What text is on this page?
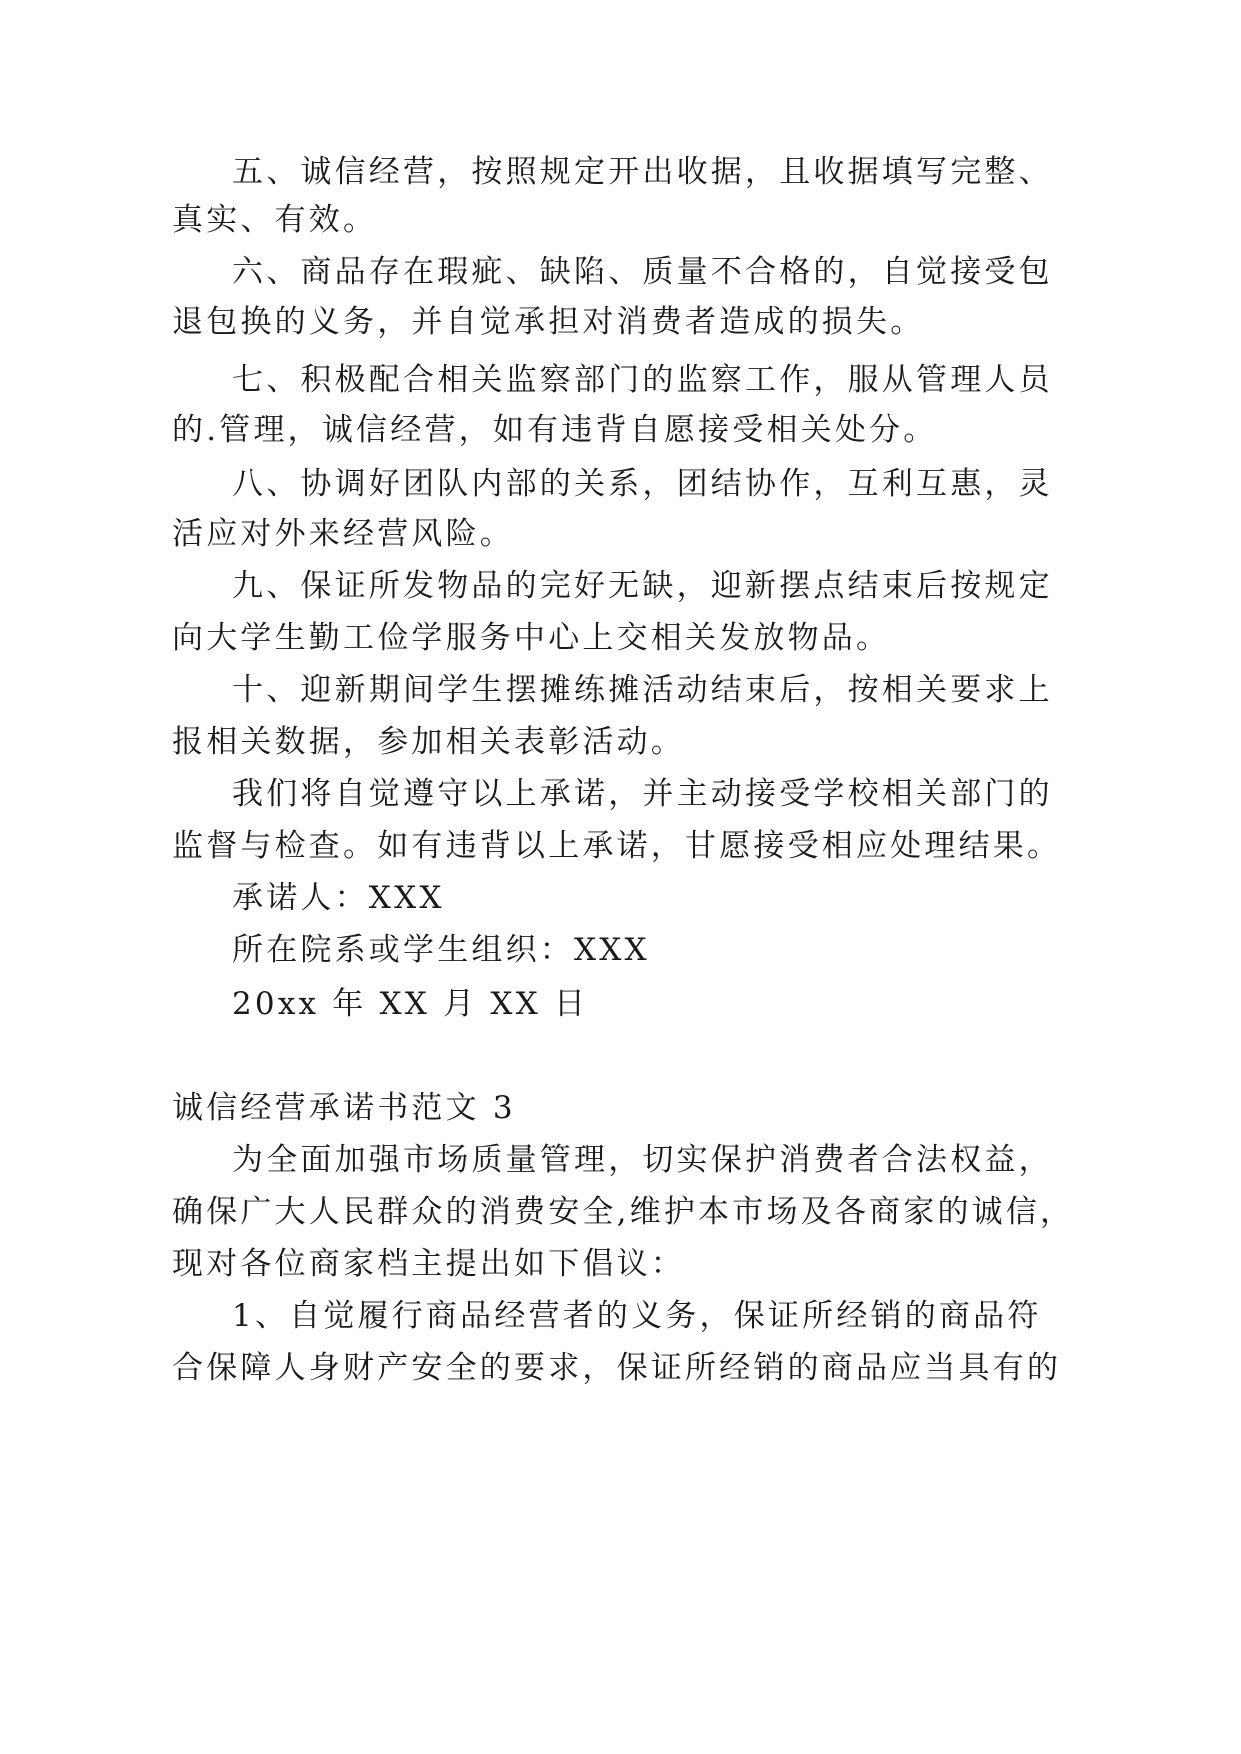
五、诚信经营，按照规定开出收据，且收据填写完整、
真实、有效。
六、商品存在瑕疵、缺陷、质量不合格的，自觉接受包
退包换的义务，并自觉承担对消费者造成的损失。
七、积极配合相关监察部门的监察工作，服从管理人员
的.管理，诚信经营，如有违背自愿接受相关处分。
八、协调好团队内部的关系，团结协作，互利互惠，灵
活应对外来经营风险。
九、保证所发物品的完好无缺，迎新摆点结束后按规定
向大学生勤工俭学服务中心上交相关发放物品。
十、迎新期间学生摆摊练摊活动结束后，按相关要求上
报相关数据，参加相关表彰活动。
我们将自觉遵守以上承诺，并主动接受学校相关部门的
监督与检查。如有违背以上承诺，甘愿接受相应处理结果。
承诺人：XXX
所在院系或学生组织：XXX
20xx 年 XX 月 XX 日
诚信经营承诺书范文 3
为全面加强市场质量管理，切实保护消费者合法权益，
确保广大人民群众的消费安全,维护本市场及各商家的诚信，
现对各位商家档主提出如下倡议：
1、自觉履行商品经营者的义务，保证所经销的商品符
合保障人身财产安全的要求，保证所经销的商品应当具有的
